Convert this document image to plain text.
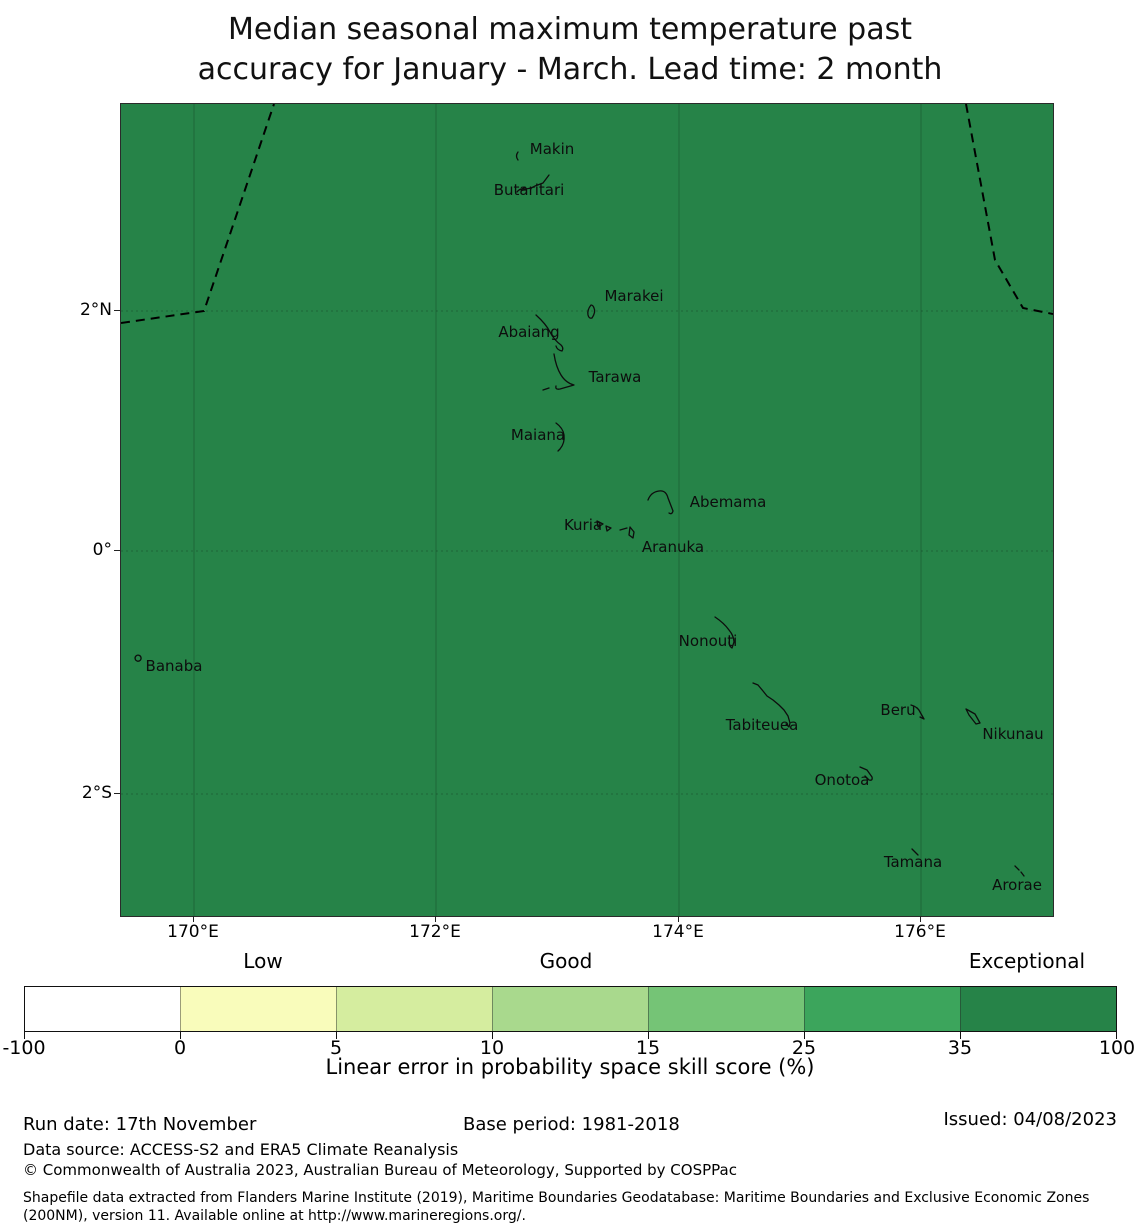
Median seasonal maximum temperature past
accuracy for January - March. Lead time: 2 month
Makin
Butaritari
Marakei
Abaiang
Tarawa
Maiana
Abemama
Kuria
Aranuka
Nonouti
Banaba
Tabiteuea
Beru
Nikunau
Onotoa
Tamana
Arorae
2°N
0°
2°S
170°E	172°E	174°E	176°E
Low	Good	Exceptional
-100	0	5	10	15	25	35	100
Linear error in probability space skill score (%)
Run date: 17th November	Base period: 1981-2018	Issued: 04/08/2023
Data source: ACCESS-S2 and ERA5 Climate Reanalysis
© Commonwealth of Australia 2023, Australian Bureau of Meteorology, Supported by COSPPac
Shapefile data extracted from Flanders Marine Institute (2019), Maritime Boundaries Geodatabase: Maritime Boundaries and Exclusive Economic Zones (200NM), version 11. Available online at http://www.marineregions.org/.
